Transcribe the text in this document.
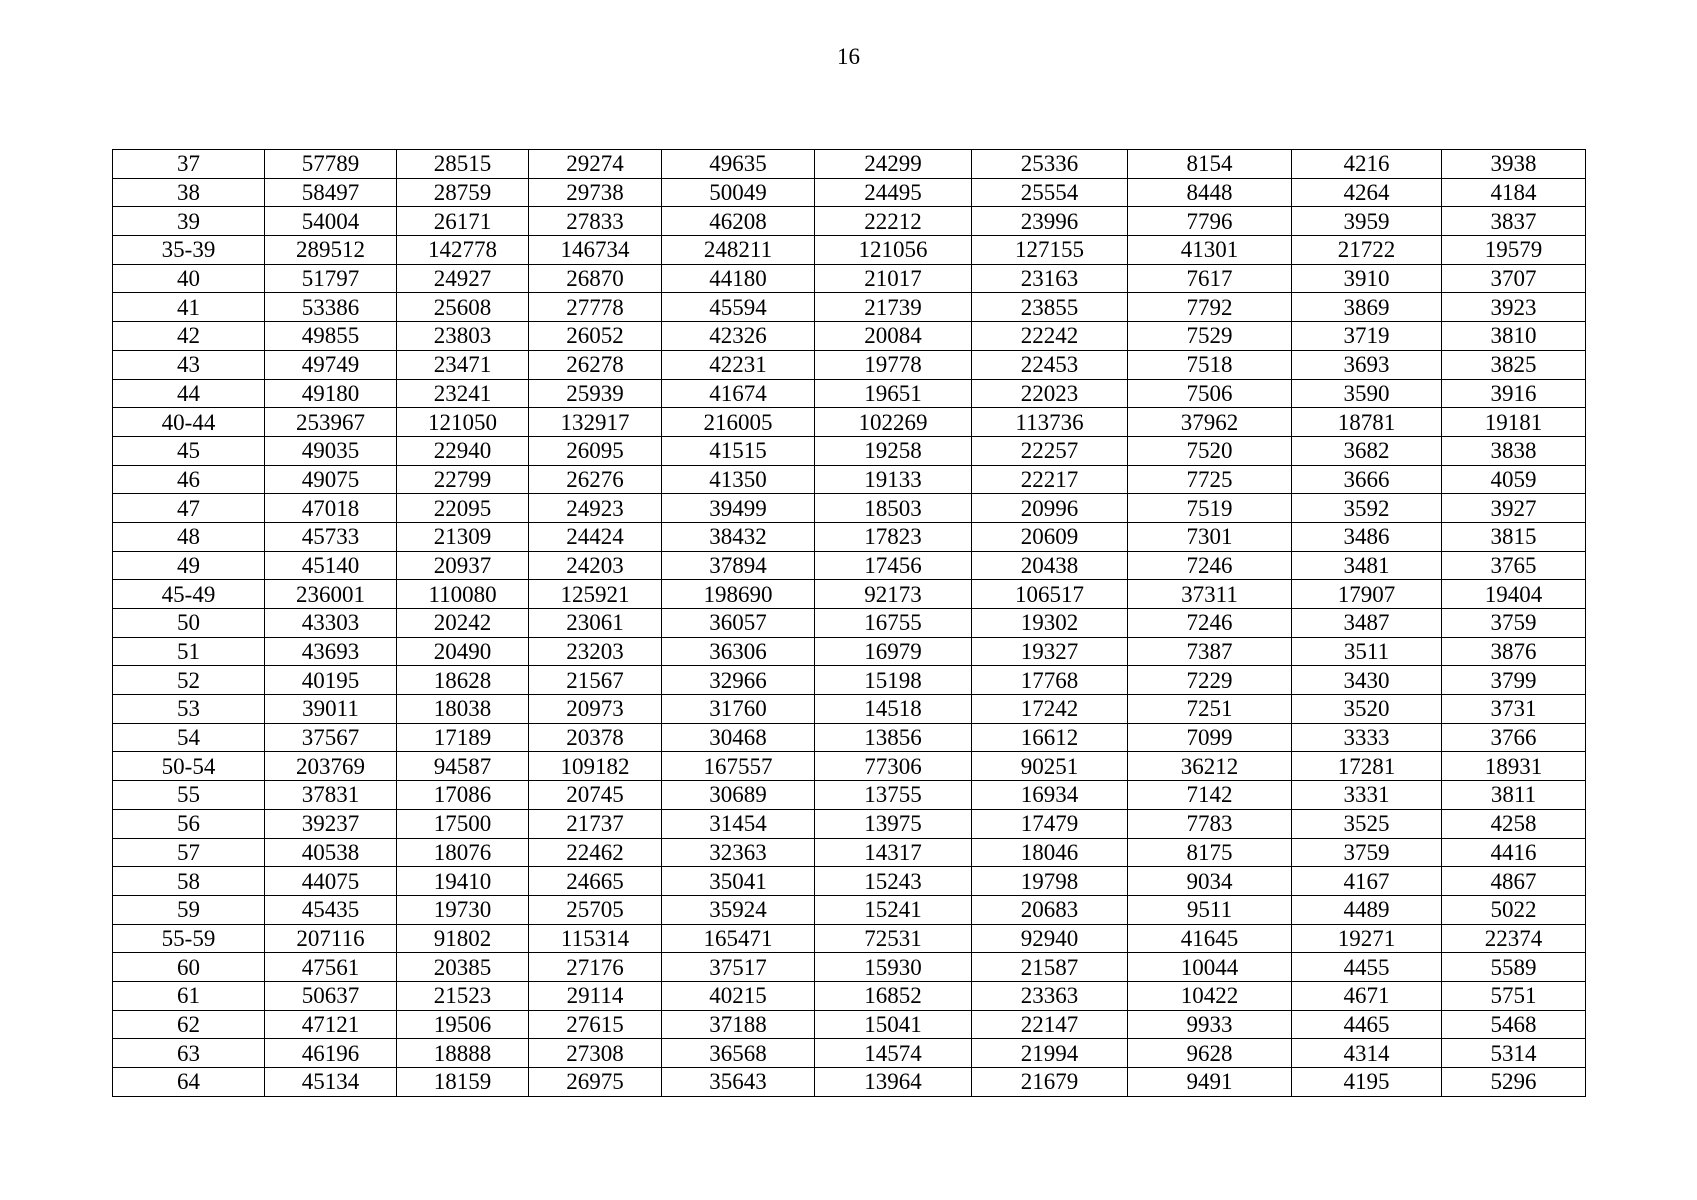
16
37	57789	28515	29274	49635	24299	25336	8154	4216	3938
38	58497	28759	29738	50049	24495	25554	8448	4264	4184
39	54004	26171	27833	46208	22212	23996	7796	3959	3837
35-39	289512	142778	146734	248211	121056	127155	41301	21722	19579
40	51797	24927	26870	44180	21017	23163	7617	3910	3707
41	53386	25608	27778	45594	21739	23855	7792	3869	3923
42	49855	23803	26052	42326	20084	22242	7529	3719	3810
43	49749	23471	26278	42231	19778	22453	7518	3693	3825
44	49180	23241	25939	41674	19651	22023	7506	3590	3916
40-44	253967	121050	132917	216005	102269	113736	37962	18781	19181
45	49035	22940	26095	41515	19258	22257	7520	3682	3838
46	49075	22799	26276	41350	19133	22217	7725	3666	4059
47	47018	22095	24923	39499	18503	20996	7519	3592	3927
48	45733	21309	24424	38432	17823	20609	7301	3486	3815
49	45140	20937	24203	37894	17456	20438	7246	3481	3765
45-49	236001	110080	125921	198690	92173	106517	37311	17907	19404
50	43303	20242	23061	36057	16755	19302	7246	3487	3759
51	43693	20490	23203	36306	16979	19327	7387	3511	3876
52	40195	18628	21567	32966	15198	17768	7229	3430	3799
53	39011	18038	20973	31760	14518	17242	7251	3520	3731
54	37567	17189	20378	30468	13856	16612	7099	3333	3766
50-54	203769	94587	109182	167557	77306	90251	36212	17281	18931
55	37831	17086	20745	30689	13755	16934	7142	3331	3811
56	39237	17500	21737	31454	13975	17479	7783	3525	4258
57	40538	18076	22462	32363	14317	18046	8175	3759	4416
58	44075	19410	24665	35041	15243	19798	9034	4167	4867
59	45435	19730	25705	35924	15241	20683	9511	4489	5022
55-59	207116	91802	115314	165471	72531	92940	41645	19271	22374
60	47561	20385	27176	37517	15930	21587	10044	4455	5589
61	50637	21523	29114	40215	16852	23363	10422	4671	5751
62	47121	19506	27615	37188	15041	22147	9933	4465	5468
63	46196	18888	27308	36568	14574	21994	9628	4314	5314
64	45134	18159	26975	35643	13964	21679	9491	4195	5296
